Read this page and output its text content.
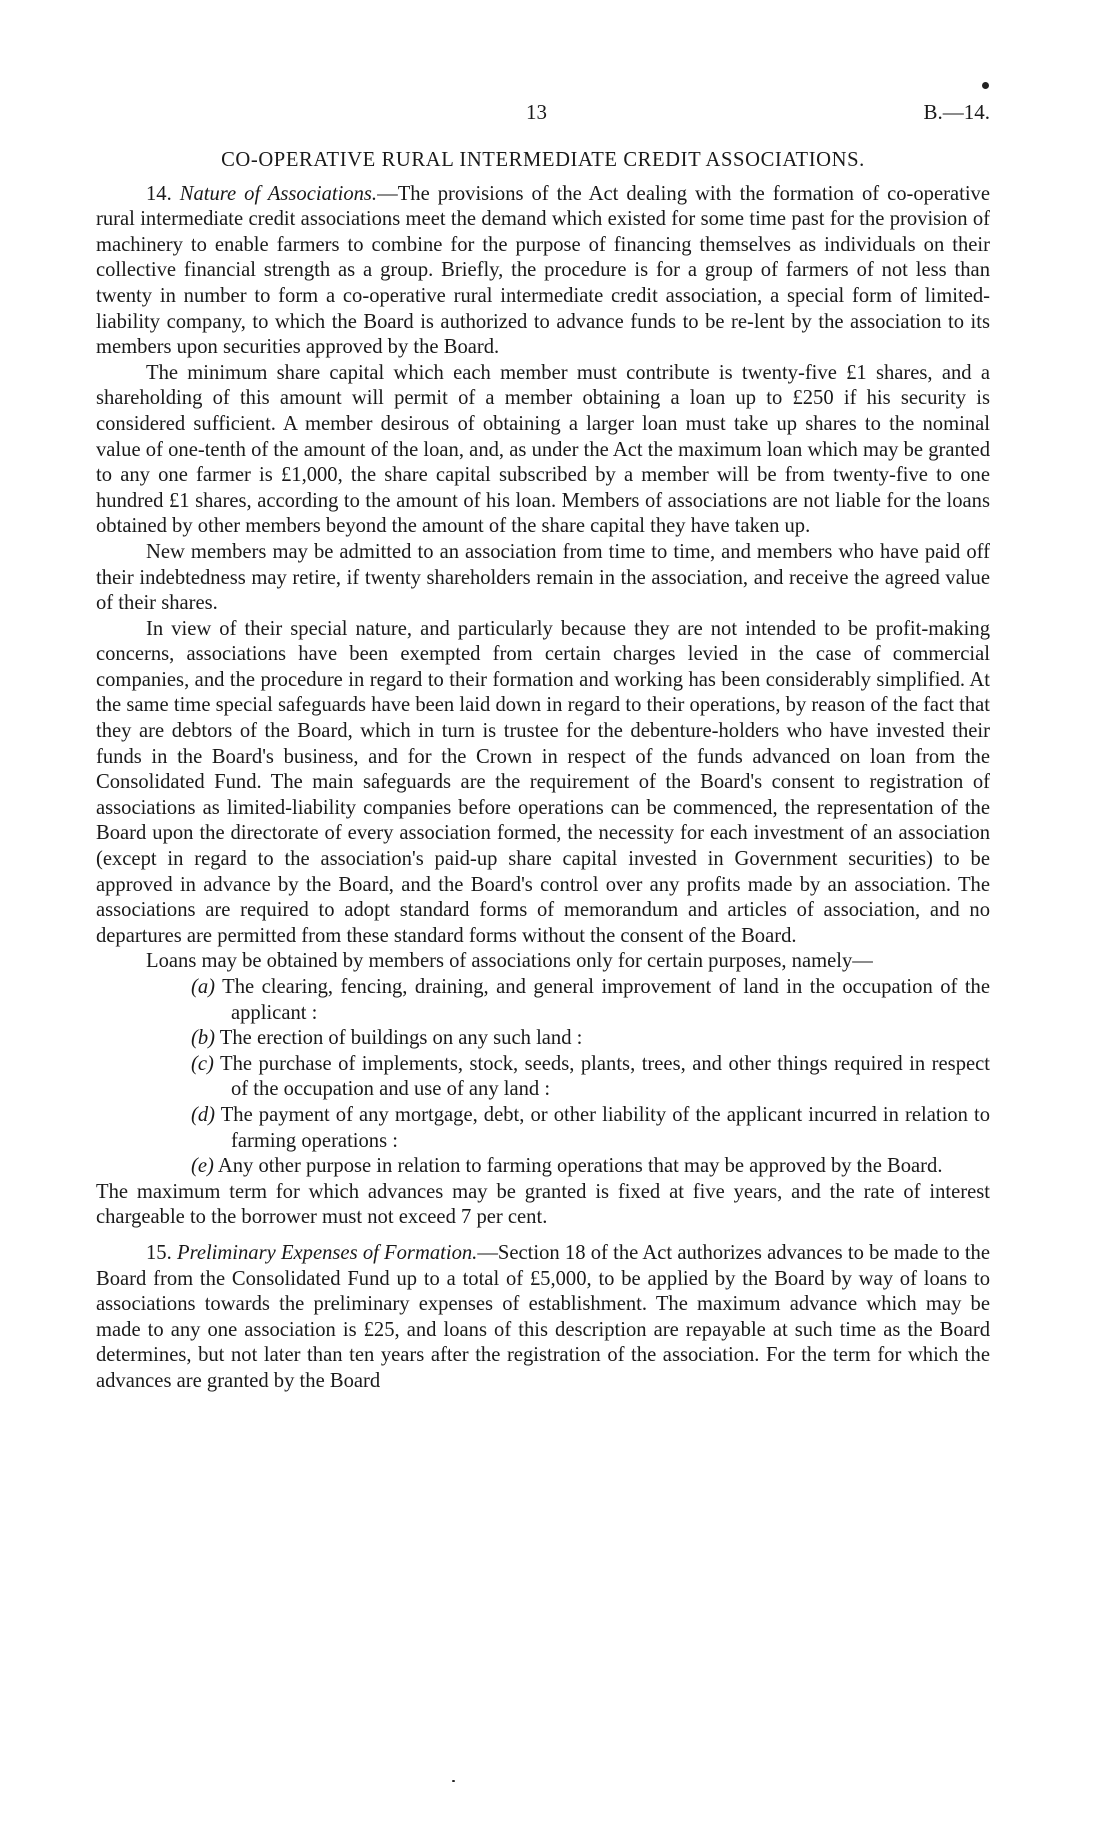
13	B.—14.
CO-OPERATIVE RURAL INTERMEDIATE CREDIT ASSOCIATIONS.

14. Nature of Associations.—The provisions of the Act dealing with the formation of co-operative rural intermediate credit associations meet the demand which existed for some time past for the provision of machinery to enable farmers to combine for the purpose of financing themselves as individuals on their collective financial strength as a group. Briefly, the procedure is for a group of farmers of not less than twenty in number to form a co-operative rural intermediate credit association, a special form of limited-liability company, to which the Board is authorized to advance funds to be re-lent by the association to its members upon securities approved by the Board.

The minimum share capital which each member must contribute is twenty-five £1 shares, and a shareholding of this amount will permit of a member obtaining a loan up to £250 if his security is considered sufficient. A member desirous of obtaining a larger loan must take up shares to the nominal value of one-tenth of the amount of the loan, and, as under the Act the maximum loan which may be granted to any one farmer is £1,000, the share capital subscribed by a member will be from twenty-five to one hundred £1 shares, according to the amount of his loan. Members of associations are not liable for the loans obtained by other members beyond the amount of the share capital they have taken up.

New members may be admitted to an association from time to time, and members who have paid off their indebtedness may retire, if twenty shareholders remain in the association, and receive the agreed value of their shares.

In view of their special nature, and particularly because they are not intended to be profit-making concerns, associations have been exempted from certain charges levied in the case of commercial companies, and the procedure in regard to their formation and working has been considerably simplified. At the same time special safeguards have been laid down in regard to their operations, by reason of the fact that they are debtors of the Board, which in turn is trustee for the debenture-holders who have invested their funds in the Board's business, and for the Crown in respect of the funds advanced on loan from the Consolidated Fund. The main safeguards are the requirement of the Board's consent to registration of associations as limited-liability companies before operations can be commenced, the representation of the Board upon the directorate of every association formed, the necessity for each investment of an association (except in regard to the association's paid-up share capital invested in Government securities) to be approved in advance by the Board, and the Board's control over any profits made by an association. The associations are required to adopt standard forms of memorandum and articles of association, and no departures are permitted from these standard forms without the consent of the Board.

Loans may be obtained by members of associations only for certain purposes, namely—

(a) The clearing, fencing, draining, and general improvement of land in the occupation of the applicant :
(b) The erection of buildings on any such land :
(c) The purchase of implements, stock, seeds, plants, trees, and other things required in respect of the occupation and use of any land :
(d) The payment of any mortgage, debt, or other liability of the applicant incurred in relation to farming operations :
(e) Any other purpose in relation to farming operations that may be approved by the Board.

The maximum term for which advances may be granted is fixed at five years, and the rate of interest chargeable to the borrower must not exceed 7 per cent.

15. Preliminary Expenses of Formation.—Section 18 of the Act authorizes advances to be made to the Board from the Consolidated Fund up to a total of £5,000, to be applied by the Board by way of loans to associations towards the preliminary expenses of establishment. The maximum advance which may be made to any one association is £25, and loans of this description are repayable at such time as the Board determines, but not later than ten years after the registration of the association. For the term for which the advances are granted by the Board
